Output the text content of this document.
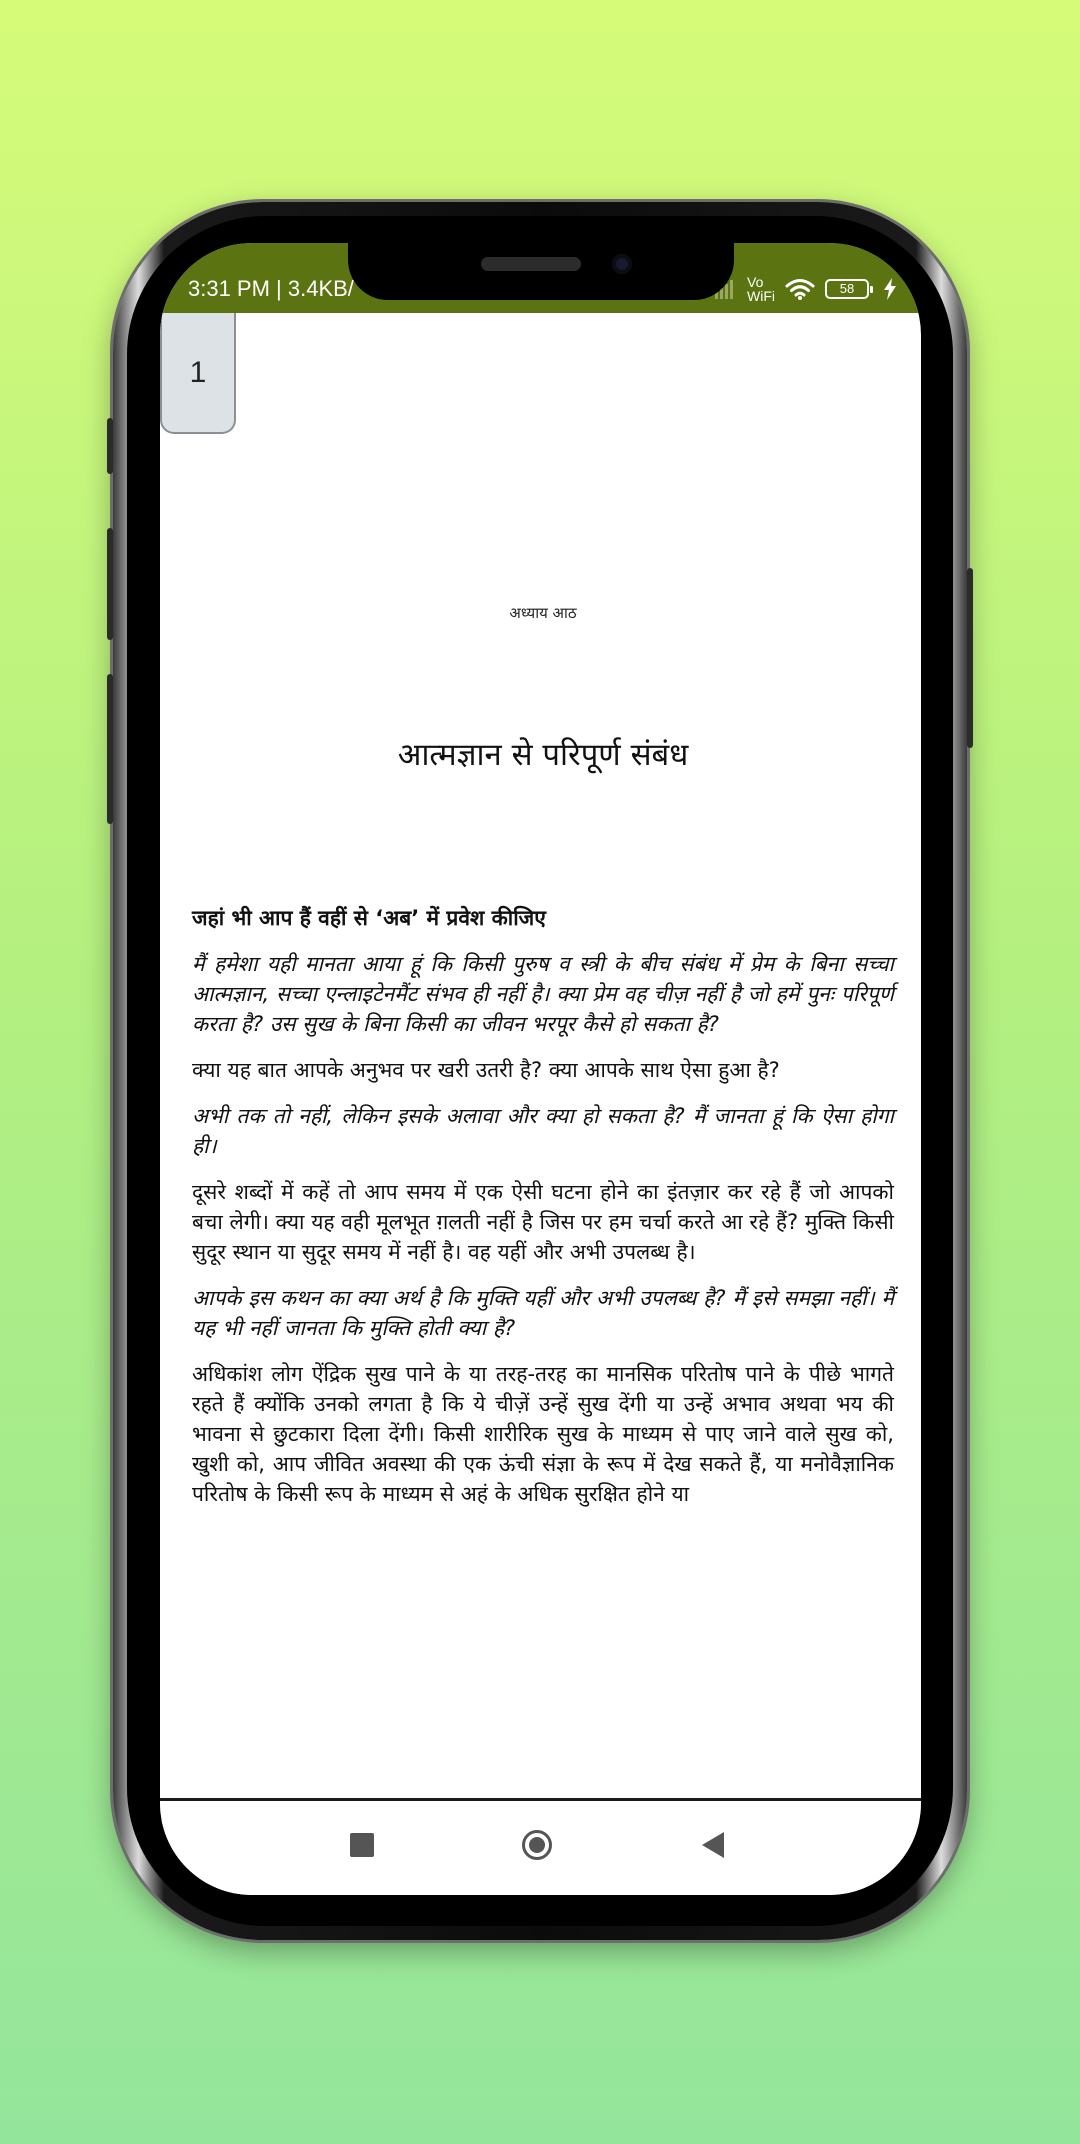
3:31 PM | 3.4KB/	Vo
WiFi	58
1
अध्याय आठ
आत्मज्ञान से परिपूर्ण संबंध
जहां भी आप हैं वहीं से ‘अब’ में प्रवेश कीजिए

मैं हमेशा यही मानता आया हूं कि किसी पुरुष व स्त्री के बीच संबंध में प्रेम के बिना सच्चा आत्मज्ञान, सच्चा एन्लाइटेनमैंट संभव ही नहीं है। क्या प्रेम वह चीज़ नहीं है जो हमें पुनः परिपूर्ण करता है? उस सुख के बिना किसी का जीवन भरपूर कैसे हो सकता है?

क्या यह बात आपके अनुभव पर खरी उतरी है? क्या आपके साथ ऐसा हुआ है?

अभी तक तो नहीं, लेकिन इसके अलावा और क्या हो सकता है? मैं जानता हूं कि ऐसा होगा ही।

दूसरे शब्दों में कहें तो आप समय में एक ऐसी घटना होने का इंतज़ार कर रहे हैं जो आपको बचा लेगी। क्या यह वही मूलभूत ग़लती नहीं है जिस पर हम चर्चा करते आ रहे हैं? मुक्ति किसी सुदूर स्थान या सुदूर समय में नहीं है। वह यहीं और अभी उपलब्ध है।

आपके इस कथन का क्या अर्थ है कि मुक्ति यहीं और अभी उपलब्ध है? मैं इसे समझा नहीं। मैं यह भी नहीं जानता कि मुक्ति होती क्या है?

अधिकांश लोग ऐंद्रिक सुख पाने के या तरह-तरह का मानसिक परितोष पाने के पीछे भागते रहते हैं क्योंकि उनको लगता है कि ये चीज़ें उन्हें सुख देंगी या उन्हें अभाव अथवा भय की भावना से छुटकारा दिला देंगी। किसी शारीरिक सुख के माध्यम से पाए जाने वाले सुख को, खुशी को, आप जीवित अवस्था की एक ऊंची संज्ञा के रूप में देख सकते हैं, या मनोवैज्ञानिक परितोष के किसी रूप के माध्यम से अहं के अधिक सुरक्षित होने या
